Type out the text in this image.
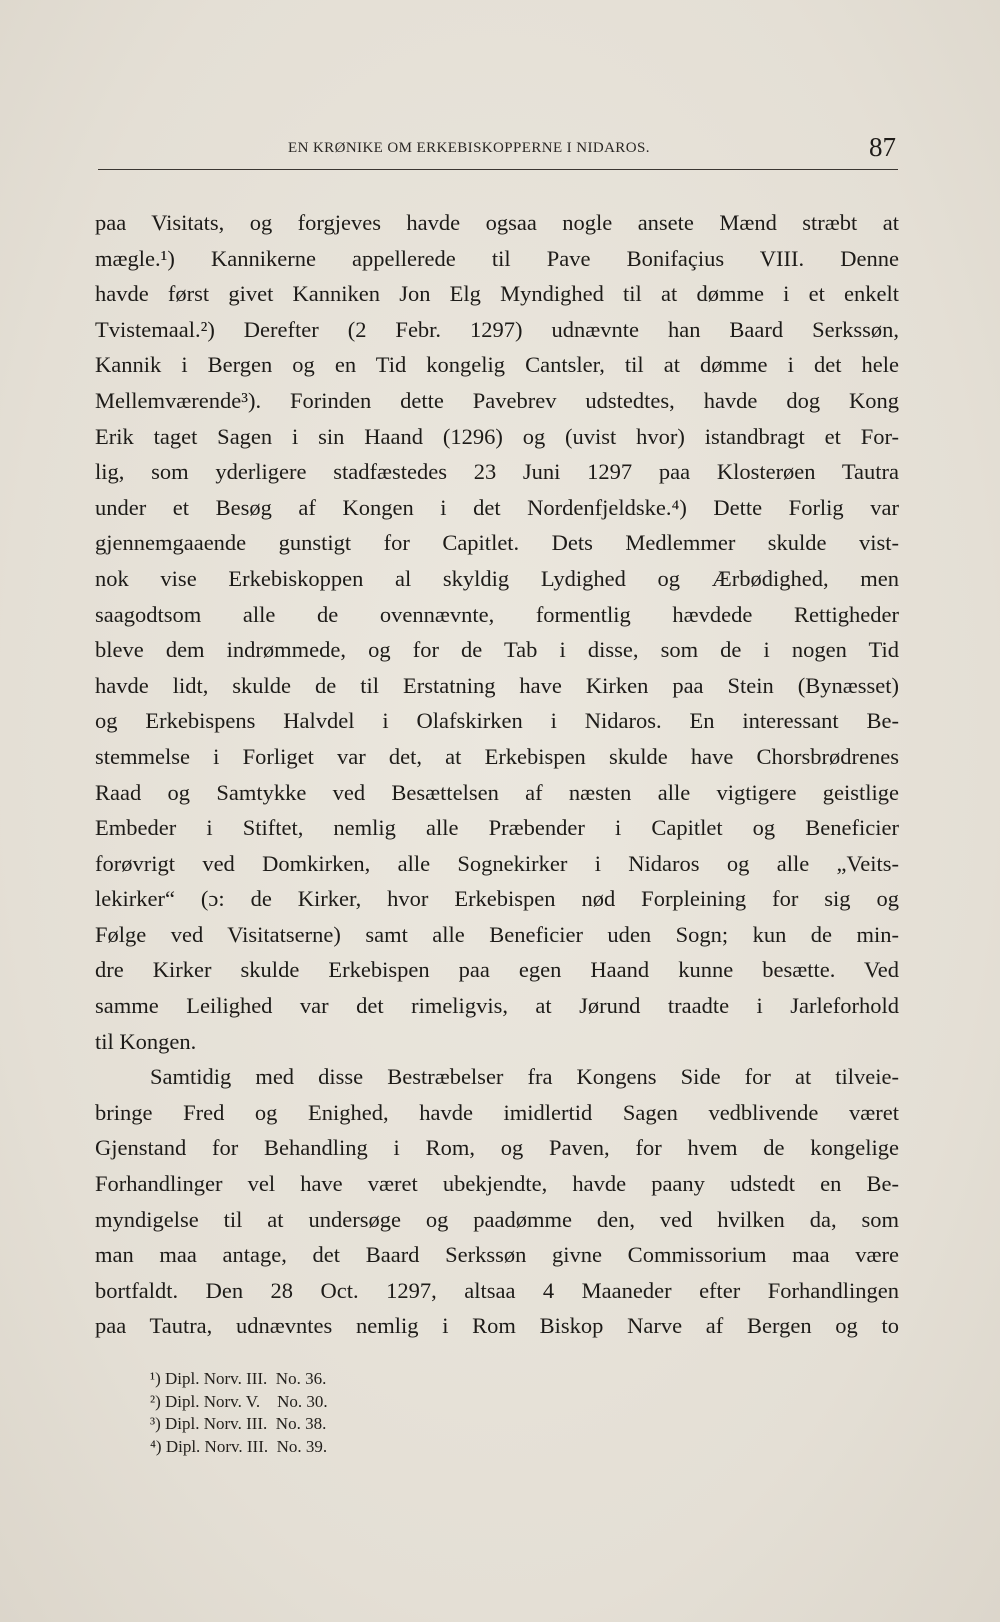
EN KRØNIKE OM ERKEBISKOPPERNE I NIDAROS.	87
paa Visitats, og forgjeves havde ogsaa nogle ansete Mænd stræbt at
mægle.¹) Kannikerne appellerede til Pave Bonifaçius VIII. Denne
havde først givet Kanniken Jon Elg Myndighed til at dømme i et enkelt
Tvistemaal.²) Derefter (2 Febr. 1297) udnævnte han Baard Serkssøn,
Kannik i Bergen og en Tid kongelig Cantsler, til at dømme i det hele
Mellemværende³). Forinden dette Pavebrev udstedtes, havde dog Kong
Erik taget Sagen i sin Haand (1296) og (uvist hvor) istandbragt et For-
lig, som yderligere stadfæstedes 23 Juni 1297 paa Klosterøen Tautra
under et Besøg af Kongen i det Nordenfjeldske.⁴) Dette Forlig var
gjennemgaaende gunstigt for Capitlet. Dets Medlemmer skulde vist-
nok vise Erkebiskoppen al skyldig Lydighed og Ærbødighed, men
saagodtsom alle de ovennævnte, formentlig hævdede Rettigheder
bleve dem indrømmede, og for de Tab i disse, som de i nogen Tid
havde lidt, skulde de til Erstatning have Kirken paa Stein (Bynæsset)
og Erkebispens Halvdel i Olafskirken i Nidaros. En interessant Be-
stemmelse i Forliget var det, at Erkebispen skulde have Chorsbrødrenes
Raad og Samtykke ved Besættelsen af næsten alle vigtigere geistlige
Embeder i Stiftet, nemlig alle Præbender i Capitlet og Beneficier
forøvrigt ved Domkirken, alle Sognekirker i Nidaros og alle „Veits-
lekirker“ (ɔ: de Kirker, hvor Erkebispen nød Forpleining for sig og
Følge ved Visitatserne) samt alle Beneficier uden Sogn; kun de min-
dre Kirker skulde Erkebispen paa egen Haand kunne besætte. Ved
samme Leilighed var det rimeligvis, at Jørund traadte i Jarleforhold
til Kongen.
Samtidig med disse Bestræbelser fra Kongens Side for at tilveie-
bringe Fred og Enighed, havde imidlertid Sagen vedblivende været
Gjenstand for Behandling i Rom, og Paven, for hvem de kongelige
Forhandlinger vel have været ubekjendte, havde paany udstedt en Be-
myndigelse til at undersøge og paadømme den, ved hvilken da, som
man maa antage, det Baard Serkssøn givne Commissorium maa være
bortfaldt. Den 28 Oct. 1297, altsaa 4 Maaneder efter Forhandlingen
paa Tautra, udnævntes nemlig i Rom Biskop Narve af Bergen og to
¹) Dipl. Norv. III.  No. 36.
²) Dipl. Norv. V.    No. 30.
³) Dipl. Norv. III.  No. 38.
⁴) Dipl. Norv. III.  No. 39.
